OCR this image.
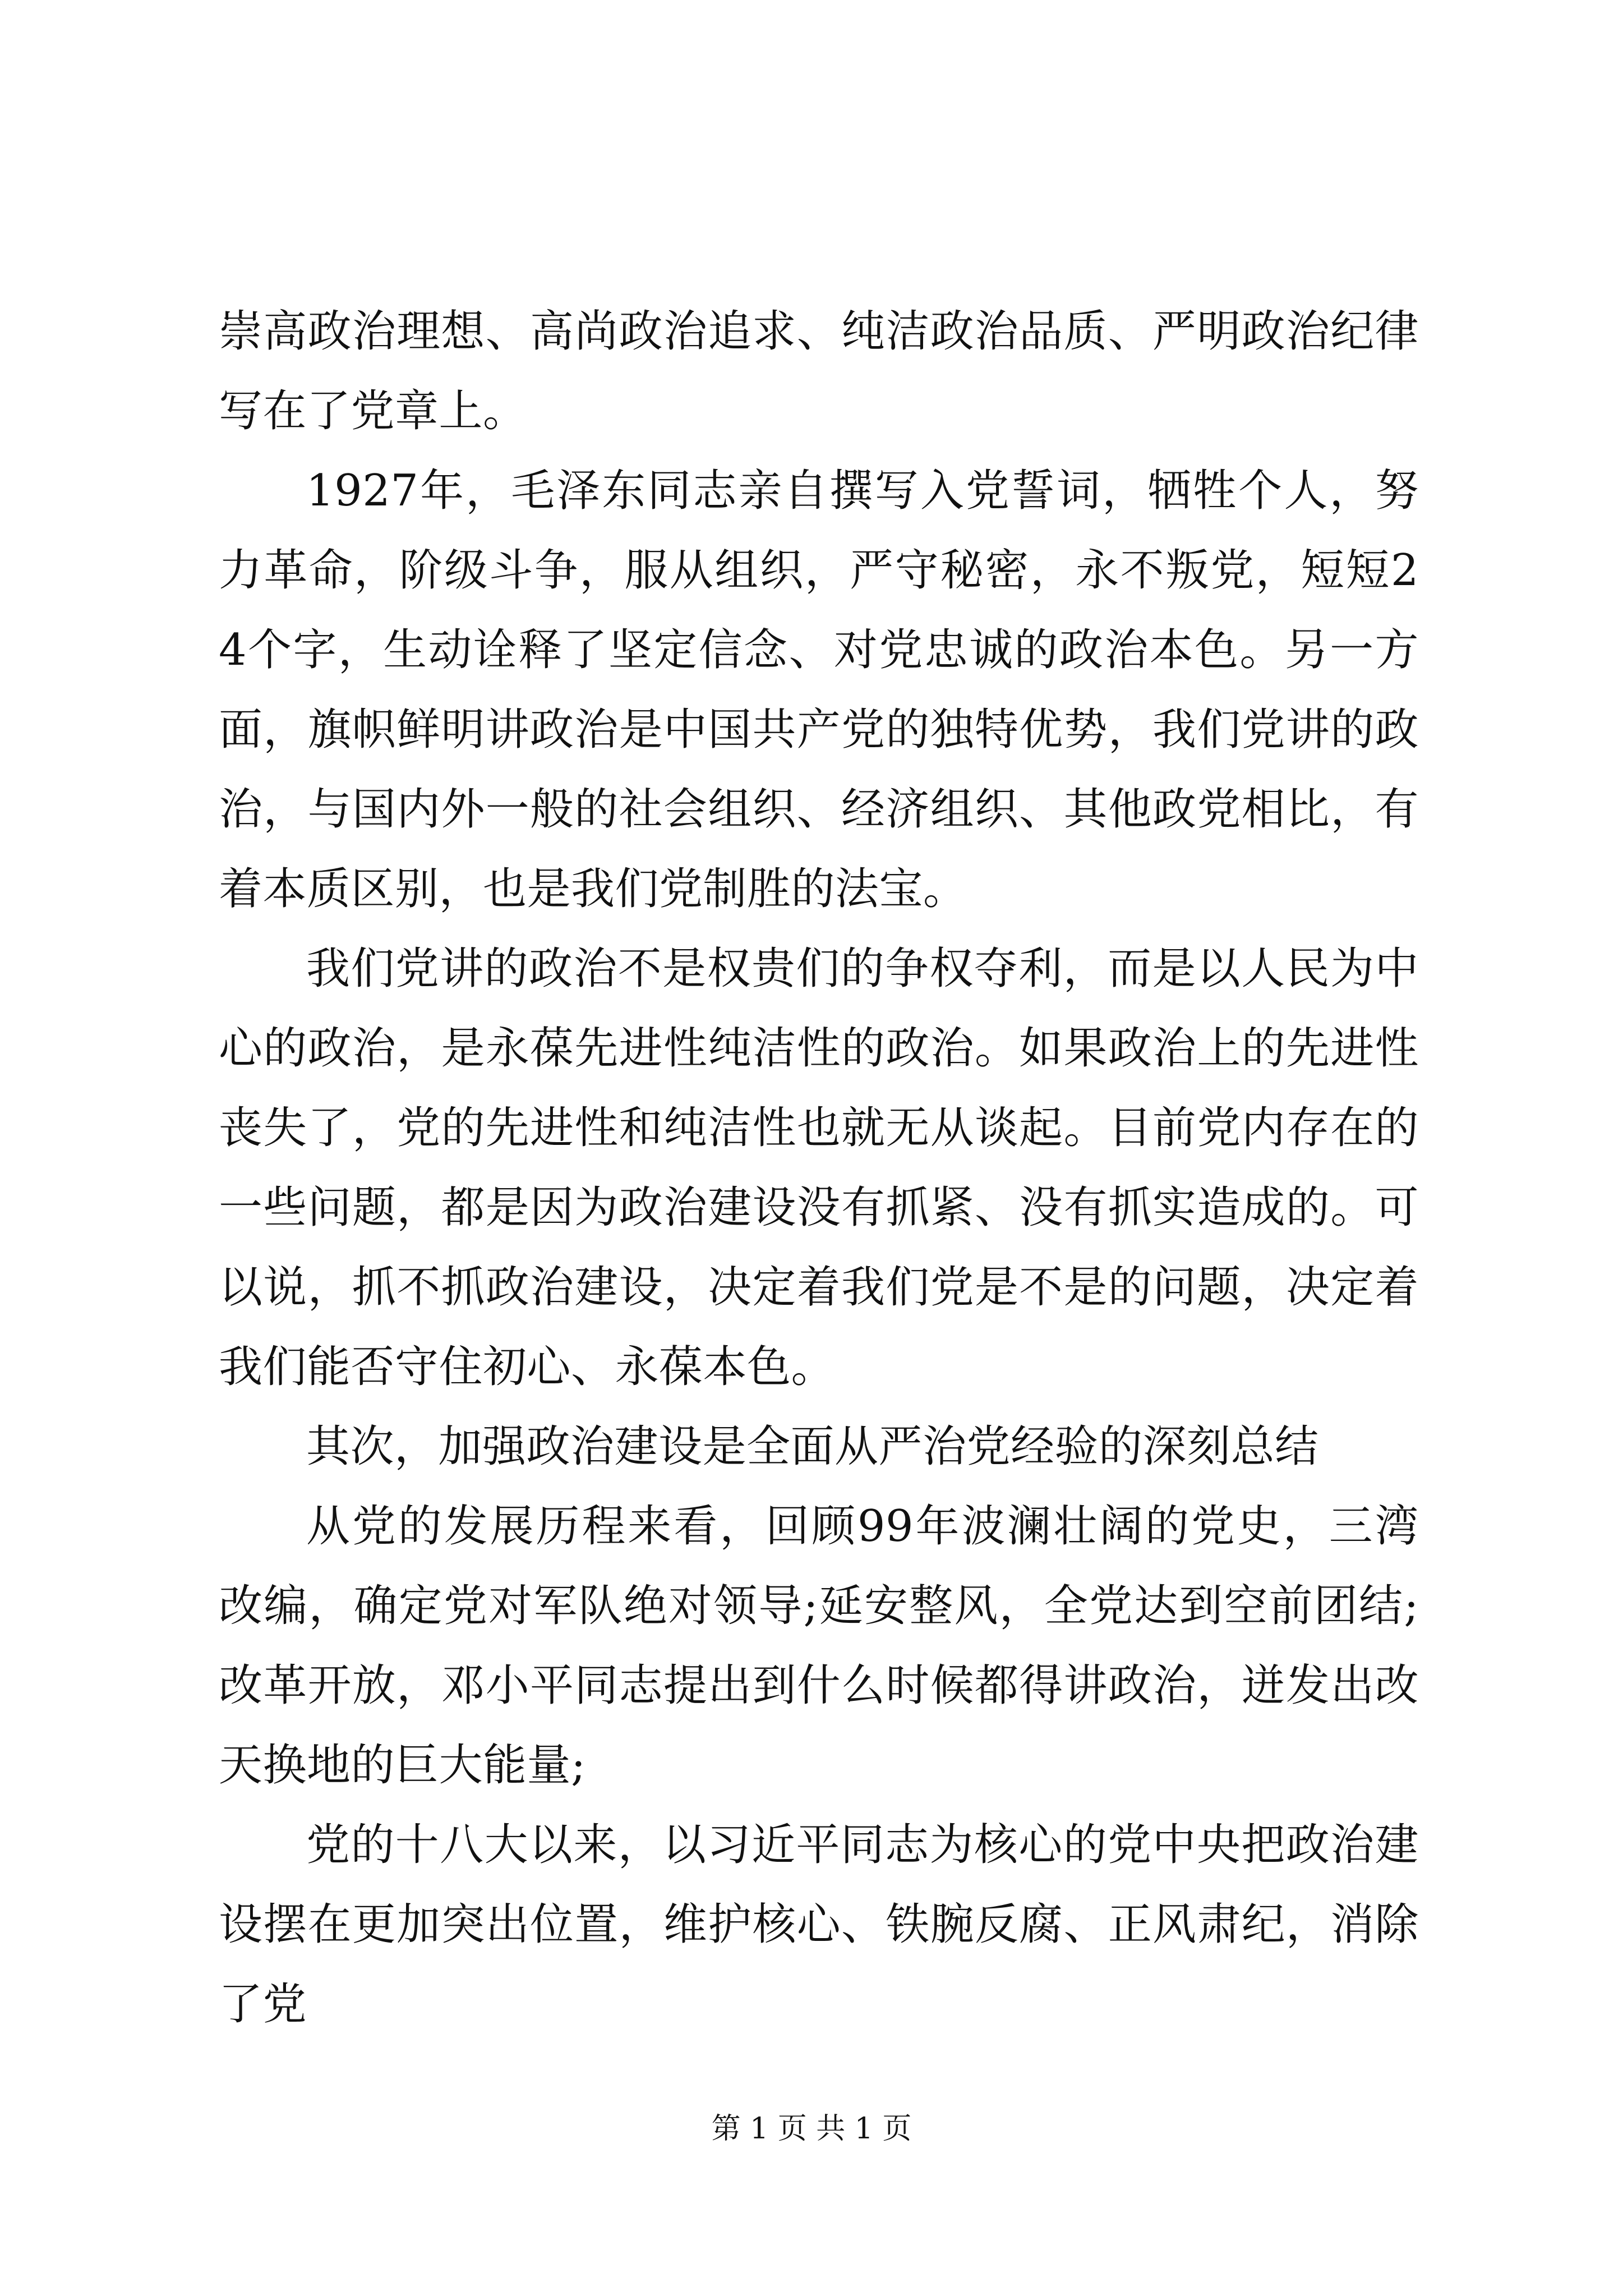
崇高政治理想、高尚政治追求、纯洁政治品质、严明政治纪律写在了党章上。

1927年，毛泽东同志亲自撰写入党誓词，牺牲个人，努力革命，阶级斗争，服从组织，严守秘密，永不叛党，短短24个字，生动诠释了坚定信念、对党忠诚的政治本色。另一方面，旗帜鲜明讲政治是中国共产党的独特优势，我们党讲的政治，与国内外一般的社会组织、经济组织、其他政党相比，有着本质区别，也是我们党制胜的法宝。

我们党讲的政治不是权贵们的争权夺利，而是以人民为中心的政治，是永葆先进性纯洁性的政治。如果政治上的先进性丧失了，党的先进性和纯洁性也就无从谈起。目前党内存在的一些问题，都是因为政治建设没有抓紧、没有抓实造成的。可以说，抓不抓政治建设，决定着我们党是不是的问题，决定着我们能否守住初心、永葆本色。

其次，加强政治建设是全面从严治党经验的深刻总结

从党的发展历程来看，回顾99年波澜壮阔的党史，三湾改编，确定党对军队绝对领导;延安整风，全党达到空前团结;改革开放，邓小平同志提出到什么时候都得讲政治，迸发出改天换地的巨大能量;

党的十八大以来，以习近平同志为核心的党中央把政治建设摆在更加突出位置，维护核心、铁腕反腐、正风肃纪，消除了党

第 1 页 共 1 页
